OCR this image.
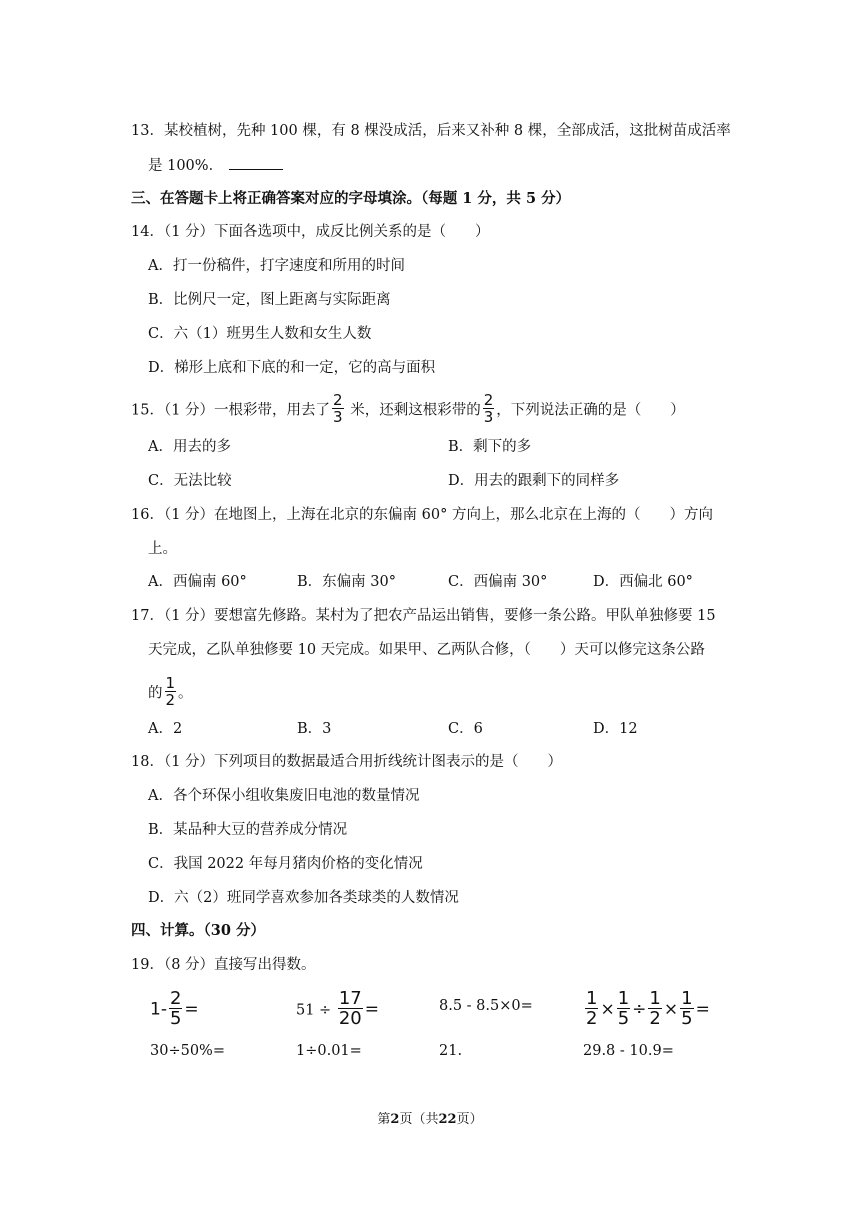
13．某校植树，先种 100 棵，有 8 棵没成活，后来又补种 8 棵，全部成活，这批树苗成活率
是 100%．
三、在答题卡上将正确答案对应的字母填涂。（每题 1 分，共 5 分）
14．（1 分）下面各选项中，成反比例关系的是（　　）
A．打一份稿件，打字速度和所用的时间
B．比例尺一定，图上距离与实际距离
C．六（1）班男生人数和女生人数
D．梯形上底和下底的和一定，它的高与面积
15．（1 分）一根彩带，用去了 $\frac{2}{3}$ 米，还剩这根彩带的 $\frac{2}{3}$ ，下列说法正确的是（　　）
A．用去的多	B．剩下的多
C．无法比较	D．用去的跟剩下的同样多
16．（1 分）在地图上，上海在北京的东偏南 60° 方向上，那么北京在上海的（　　）方向
上。
A．西偏南 60°	B．东偏南 30°	C．西偏南 30°	D．西偏北 60°
17．（1 分）要想富先修路。某村为了把农产品运出销售，要修一条公路。甲队单独修要 15
天完成，乙队单独修要 10 天完成。如果甲、乙两队合修，（　　）天可以修完这条公路
的 $\frac{1}{2}$ 。
A．2	B．3	C．6	D．12
18．（1 分）下列项目的数据最适合用折线统计图表示的是（　　）
A．各个环保小组收集废旧电池的数量情况
B．某品种大豆的营养成分情况
C．我国 2022 年每月猪肉价格的变化情况
D．六（2）班同学喜欢参加各类球类的人数情况
四、计算。（30 分）
19．（8 分）直接写出得数。
$1- \frac{2}{5}$ =	$51 \div \frac{17}{20}$ =	8.5 - 8.5×0=	$\frac{1}{2} \times \frac{1}{5} \div \frac{1}{2} \times \frac{1}{5}$ =
30÷50%=	1÷0.01=	21.	29.8 - 10.9=
第2页（共22页）
